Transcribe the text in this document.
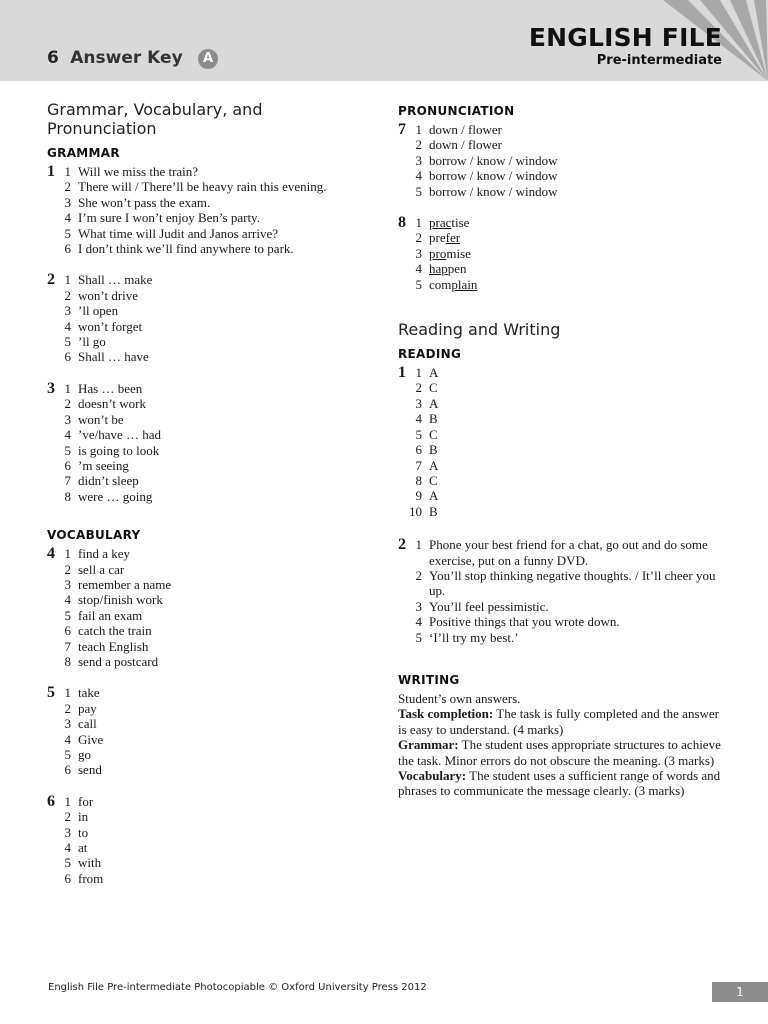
6 Answer Key A
ENGLISH FILE
Pre-intermediate
Grammar, Vocabulary, and Pronunciation
GRAMMAR
1 1 Will we miss the train?
2 There will / There’ll be heavy rain this evening.
3 She won’t pass the exam.
4 I’m sure I won’t enjoy Ben’s party.
5 What time will Judit and Janos arrive?
6 I don’t think we’ll find anywhere to park.
2 1 Shall … make
2 won’t drive
3 ’ll open
4 won’t forget
5 ’ll go
6 Shall … have
3 1 Has … been
2 doesn’t work
3 won’t be
4 ’ve/have … had
5 is going to look
6 ’m seeing
7 didn’t sleep
8 were … going
VOCABULARY
4 1 find a key
2 sell a car
3 remember a name
4 stop/finish work
5 fail an exam
6 catch the train
7 teach English
8 send a postcard
5 1 take
2 pay
3 call
4 Give
5 go
6 send
6 1 for
2 in
3 to
4 at
5 with
6 from
PRONUNCIATION
7 1 down / flower
2 down / flower
3 borrow / know / window
4 borrow / know / window
5 borrow / know / window
8 1 practise
2 prefer
3 promise
4 happen
5 complain
Reading and Writing
READING
1 1 A
2 C
3 A
4 B
5 C
6 B
7 A
8 C
9 A
10 B
2 1 Phone your best friend for a chat, go out and do some exercise, put on a funny DVD.
2 You’ll stop thinking negative thoughts. / It’ll cheer you up.
3 You’ll feel pessimistic.
4 Positive things that you wrote down.
5 ‘I’ll try my best.’
WRITING

Student’s own answers.

Task completion: The task is fully completed and the answer is easy to understand. (4 marks)

Grammar: The student uses appropriate structures to achieve the task. Minor errors do not obscure the meaning. (3 marks)

Vocabulary: The student uses a sufficient range of words and phrases to communicate the message clearly. (3 marks)

English File Pre-intermediate Photocopiable © Oxford University Press 2012	1
